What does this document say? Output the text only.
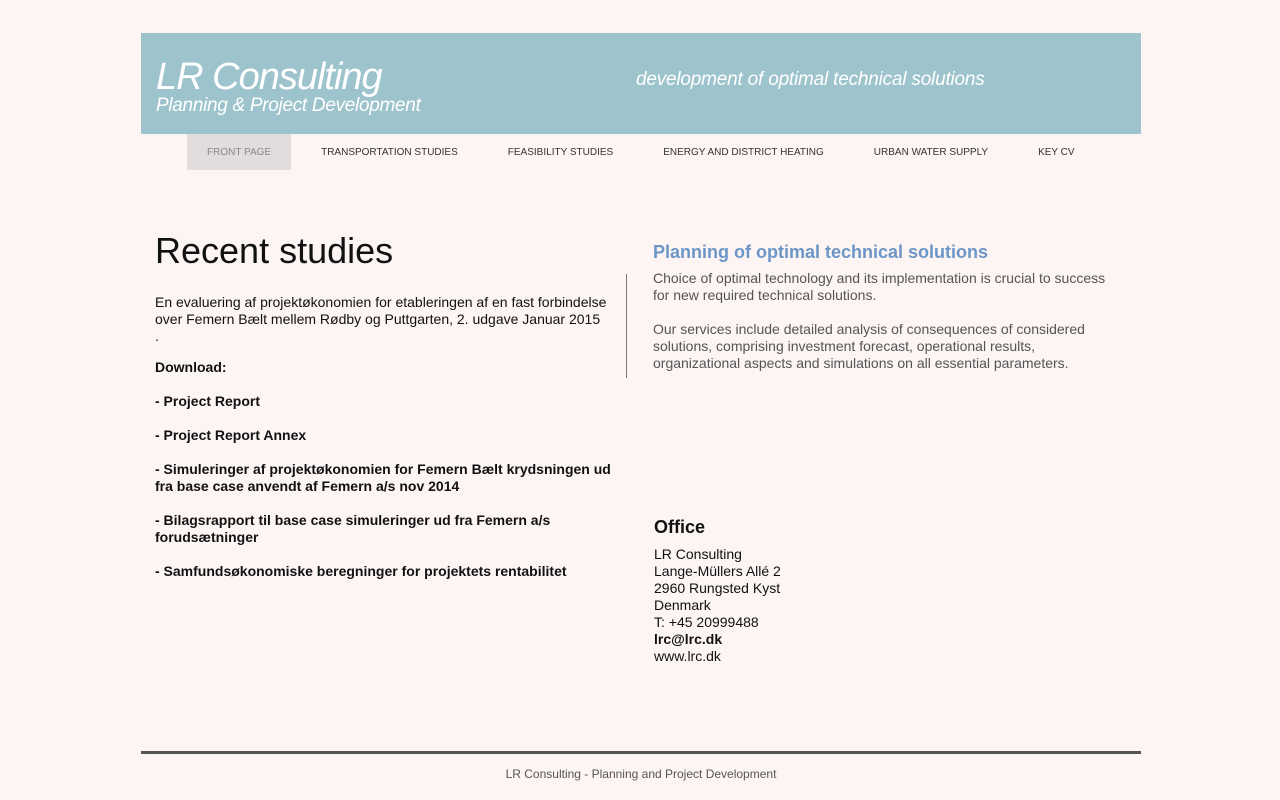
LR Consulting
Planning & Project Development
development of optimal technical solutions
FRONT PAGE	TRANSPORTATION STUDIES	FEASIBILITY STUDIES	ENERGY AND DISTRICT HEATING	URBAN WATER SUPPLY	KEY CV
Recent studies

En evaluering af projektøkonomien for etableringen af en fast forbindelse over Femern Bælt mellem Rødby og Puttgarten, 2. udgave Januar 2015
.

Download:

- Project Report
- Project Report Annex
- Simuleringer af projektøkonomien for Femern Bælt krydsningen ud fra base case anvendt af Femern a/s nov 2014
- Bilagsrapport til base case simuleringer ud fra Femern a/s forudsætninger
- Samfundsøkonomiske beregninger for projektets rentabilitet
Planning of optimal technical solutions

Choice of optimal technology and its implementation is crucial to success for new required technical solutions.

Our services include detailed analysis of consequences of considered solutions, comprising investment forecast, operational results, organizational aspects and simulations on all essential parameters.

Office
LR Consulting
Lange-Müllers Allé 2
2960 Rungsted Kyst
Denmark
T: +45 20999488
lrc@lrc.dk
www.lrc.dk
LR Consulting - Planning and Project Development
